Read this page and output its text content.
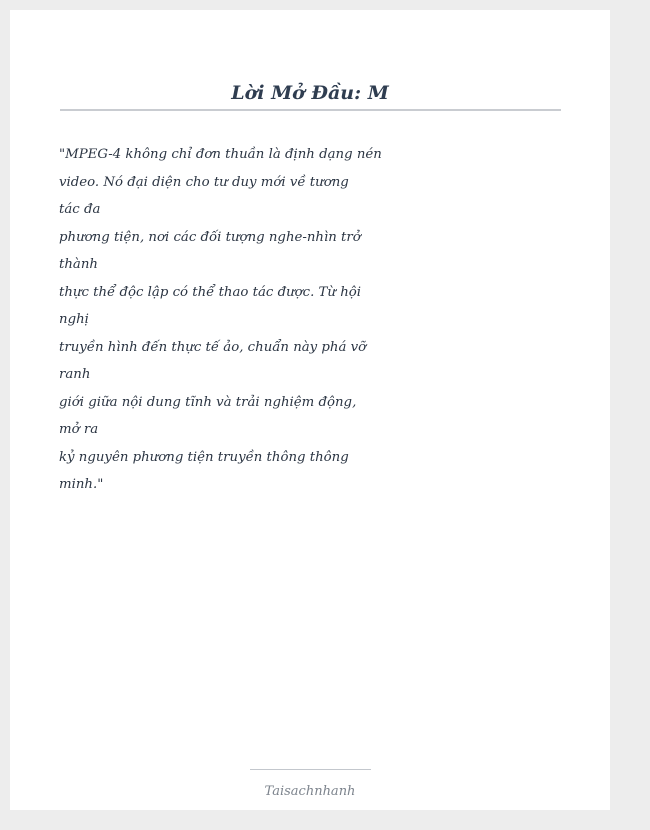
Lời Mở Đầu: M
"MPEG-4 không chỉ đơn thuần là định dạng nén
video. Nó đại diện cho tư duy mới về tương
tác đa
phương tiện, nơi các đối tượng nghe-nhìn trở
thành
thực thể độc lập có thể thao tác được. Từ hội
nghị
truyền hình đến thực tế ảo, chuẩn này phá vỡ
ranh
giới giữa nội dung tĩnh và trải nghiệm động,
mở ra
kỷ nguyên phương tiện truyền thông thông
minh."
Taisachnhanh
